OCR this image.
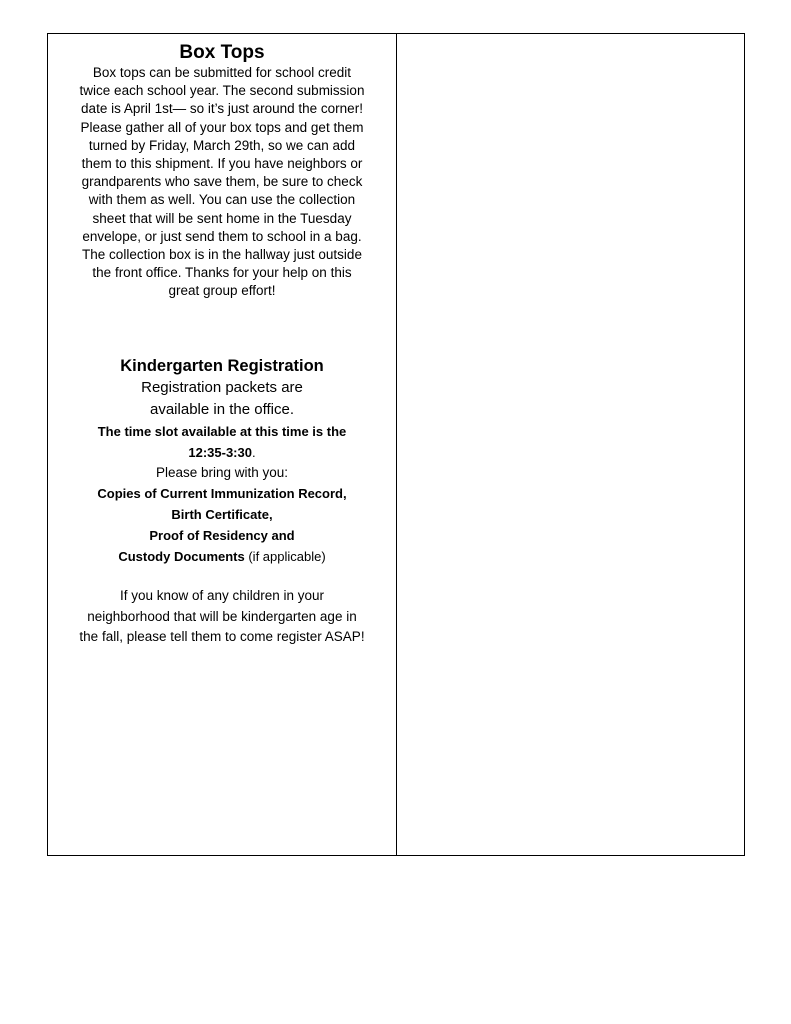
Box Tops

Box tops can be submitted for school credit
twice each school year. The second submission
date is April 1st— so it’s just around the corner!
Please gather all of your box tops and get them
turned by Friday, March 29th, so we can add
them to this shipment. If you have neighbors or
grandparents who save them, be sure to check
with them as well. You can use the collection
sheet that will be sent home in the Tuesday
envelope, or just send them to school in a bag.
The collection box is in the hallway just outside
the front office. Thanks for your help on this
great group effort!

Kindergarten Registration

Registration packets are

available in the office.

The time slot available at this time is the

12:35-3:30.

Please bring with you:

Copies of Current Immunization Record,

Birth Certificate,

Proof of Residency and

Custody Documents (if applicable)

If you know of any children in your

neighborhood that will be kindergarten age in

the fall, please tell them to come register ASAP!
